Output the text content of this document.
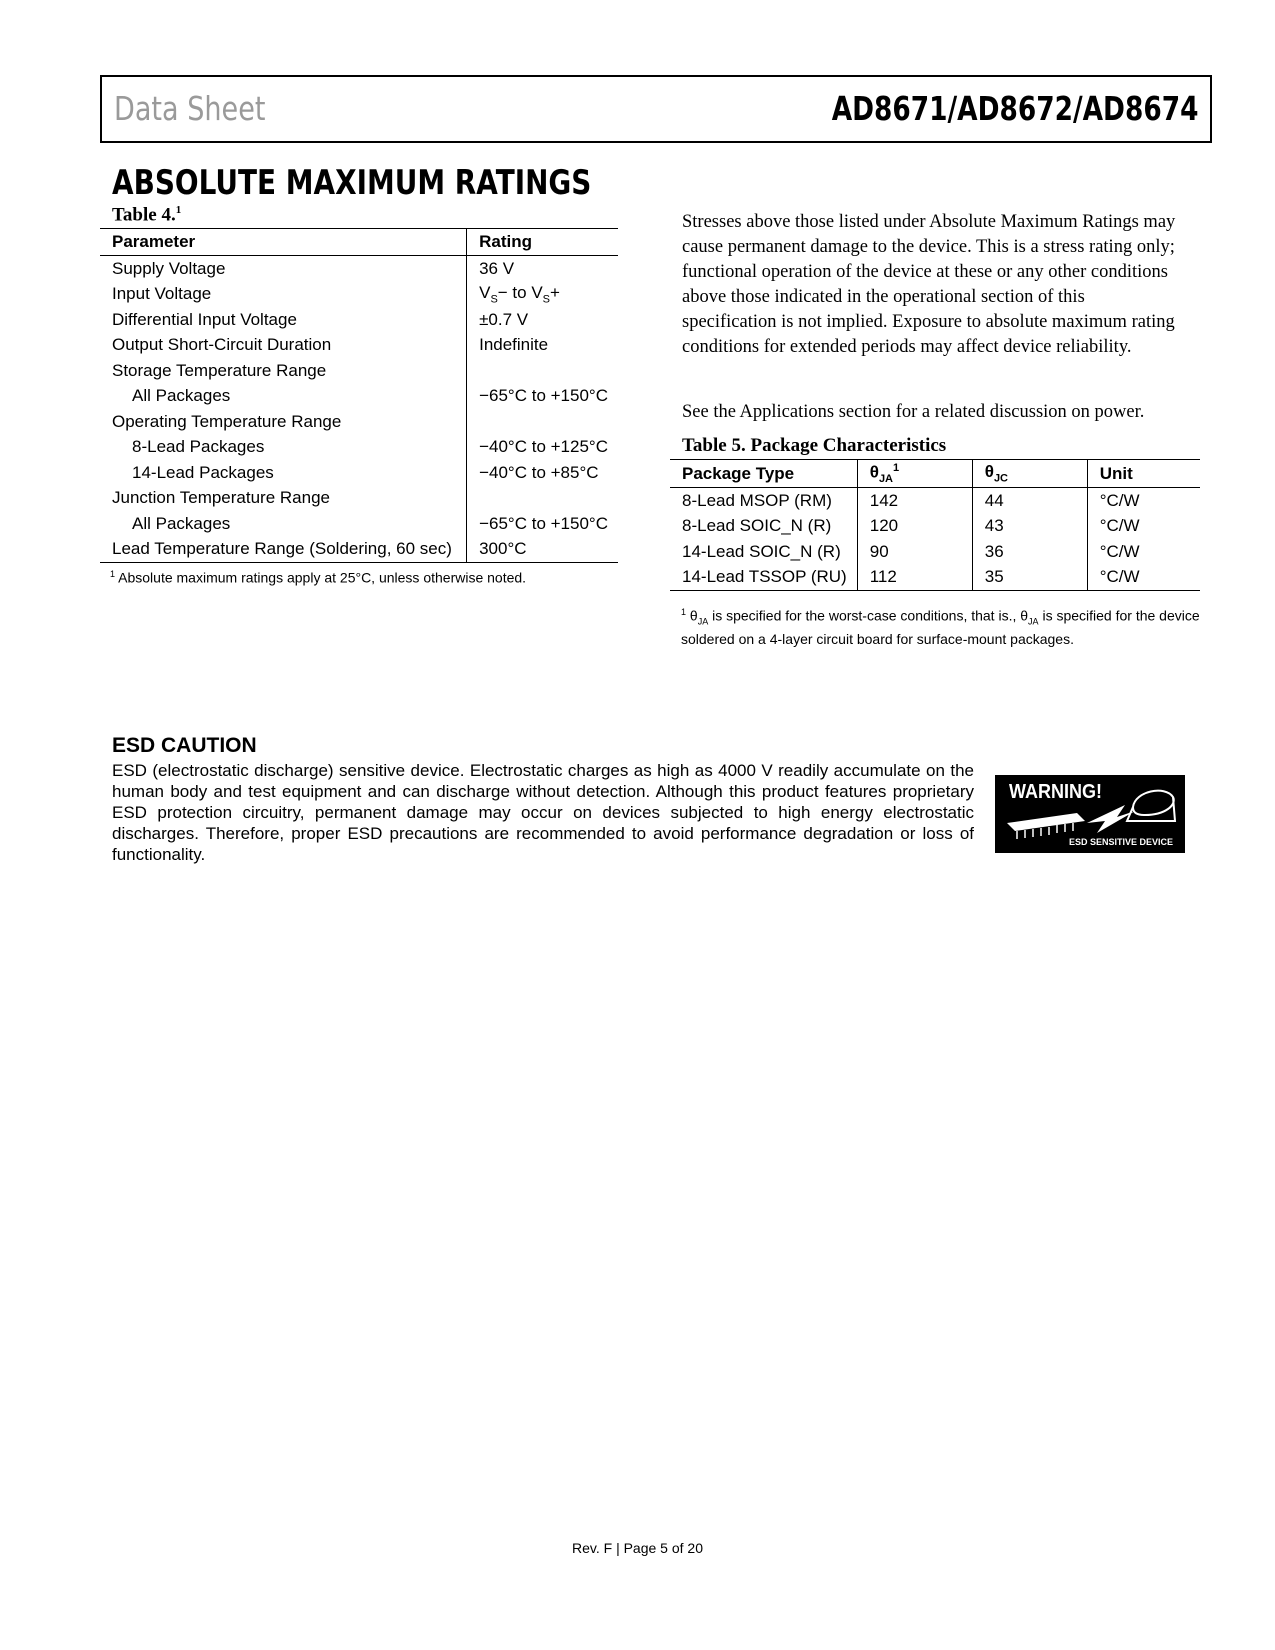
Data Sheet	AD8671/AD8672/AD8674
ABSOLUTE MAXIMUM RATINGS

Table 4.$^1$

Parameter	Rating
Supply Voltage	36 V
Input Voltage	$V_S-$ to $V_S+$
Differential Input Voltage	±0.7 V
Output Short-Circuit Duration	Indefinite
Storage Temperature Range	
All Packages	−65°C to +150°C
Operating Temperature Range	
8-Lead Packages	−40°C to +125°C
14-Lead Packages	−40°C to +85°C
Junction Temperature Range	
All Packages	−65°C to +150°C
Lead Temperature Range (Soldering, 60 sec)	300°C
$^1$ Absolute maximum ratings apply at 25°C, unless otherwise noted.

Stresses above those listed under Absolute Maximum Ratings may cause permanent damage to the device. This is a stress rating only; functional operation of the device at these or any other conditions above those indicated in the operational section of this specification is not implied. Exposure to absolute maximum rating conditions for extended periods may affect device reliability.

See the Applications section for a related discussion on power.

Table 5. Package Characteristics

Package Type	$\theta_{JA}^1$	$\theta_{JC}$	Unit
8-Lead MSOP (RM)	142	44	°C/W
8-Lead SOIC_N (R)	120	43	°C/W
14-Lead SOIC_N (R)	90	36	°C/W
14-Lead TSSOP (RU)	112	35	°C/W
$^1$ $\theta_{JA}$ is specified for the worst-case conditions, that is., $\theta_{JA}$ is specified for the device soldered on a 4-layer circuit board for surface-mount packages.
ESD CAUTION

ESD (electrostatic discharge) sensitive device. Electrostatic charges as high as 4000 V readily accumulate on the human body and test equipment and can discharge without detection. Although this product features proprietary ESD protection circuitry, permanent damage may occur on devices subjected to high energy electrostatic discharges. Therefore, proper ESD precautions are recommended to avoid performance degradation or loss of functionality.

WARNING!
ESD SENSITIVE DEVICE
Rev. F | Page 5 of 20
